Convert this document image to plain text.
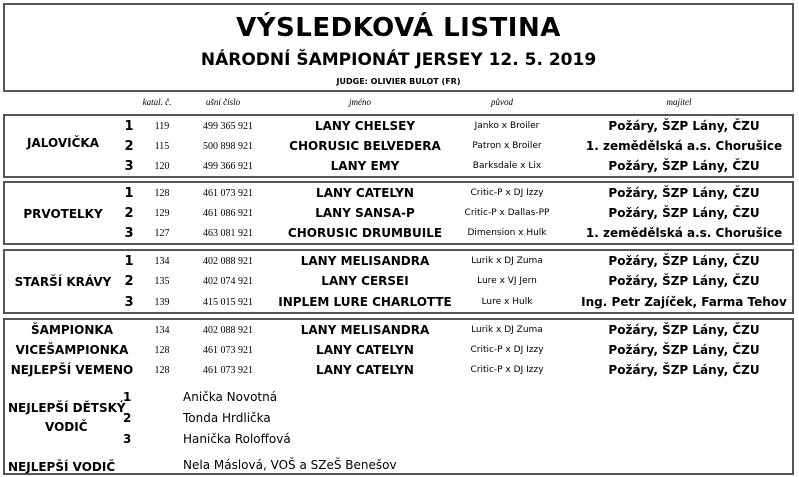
VÝSLEDKOVÁ LISTINA
NÁRODNÍ ŠAMPIONÁT JERSEY 12. 5. 2019
JUDGE: OLIVIER BULOT (FR)
katal. č.	ušní číslo	jméno	původ	majitel
JALOVIČKA
1	119	499 365 921	LANY CHELSEY	Janko x Broiler	Požáry, ŠZP Lány, ČZU
2	115	500 898 921	CHORUSIC BELVEDERA	Patron x Broiler	1. zemědělská a.s. Chorušice
3	120	499 366 921	LANY EMY	Barksdale x Lix	Požáry, ŠZP Lány, ČZU
PRVOTELKY
1	128	461 073 921	LANY CATELYN	Critic-P x DJ Izzy	Požáry, ŠZP Lány, ČZU
2	129	461 086 921	LANY SANSA-P	Critic-P x Dallas-PP	Požáry, ŠZP Lány, ČZU
3	127	463 081 921	CHORUSIC DRUMBUILE	Dimension x Hulk	1. zemědělská a.s. Chorušice
STARŠÍ KRÁVY
1	134	402 088 921	LANY MELISANDRA	Lurik x DJ Zuma	Požáry, ŠZP Lány, ČZU
2	135	402 074 921	LANY CERSEI	Lure x VJ Jern	Požáry, ŠZP Lány, ČZU
3	139	415 015 921	INPLEM LURE CHARLOTTE	Lure x Hulk	Ing. Petr Zajíček, Farma Tehov
ŠAMPIONKA	134	402 088 921	LANY MELISANDRA	Lurik x DJ Zuma	Požáry, ŠZP Lány, ČZU
VICEŠAMPIONKA	128	461 073 921	LANY CATELYN	Critic-P x DJ Izzy	Požáry, ŠZP Lány, ČZU
NEJLEPŠÍ VEMENO	128	461 073 921	LANY CATELYN	Critic-P x DJ Izzy	Požáry, ŠZP Lány, ČZU
NEJLEPŠÍ DĚTSKÝ
VODIČ
1	Anička Novotná
2	Tonda Hrdlička
3	Hanička Roloffová
NEJLEPŠÍ VODIČ	Nela Máslová, VOŠ a SZeŠ Benešov
